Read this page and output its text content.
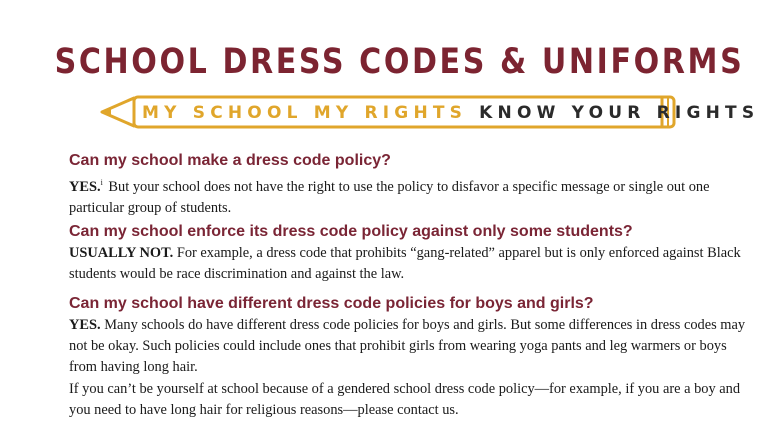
SCHOOL DRESS CODES & UNIFORMS
MY SCHOOL MY RIGHTS KNOW YOUR RIGHTS

Can my school make a dress code policy?

YES.$^i$ But your school does not have the right to use the policy to disfavor a specific message or single out one particular group of students.

Can my school enforce its dress code policy against only some students?

USUALLY NOT. For example, a dress code that prohibits “gang-related” apparel but is only enforced against Black students would be race discrimination and against the law.

Can my school have different dress code policies for boys and girls?

YES. Many schools do have different dress code policies for boys and girls. But some differences in dress codes may not be okay. Such policies could include ones that prohibit girls from wearing yoga pants and leg warmers or boys from having long hair.

If you can’t be yourself at school because of a gendered school dress code policy—for example, if you are a boy and you need to have long hair for religious reasons—please contact us.
